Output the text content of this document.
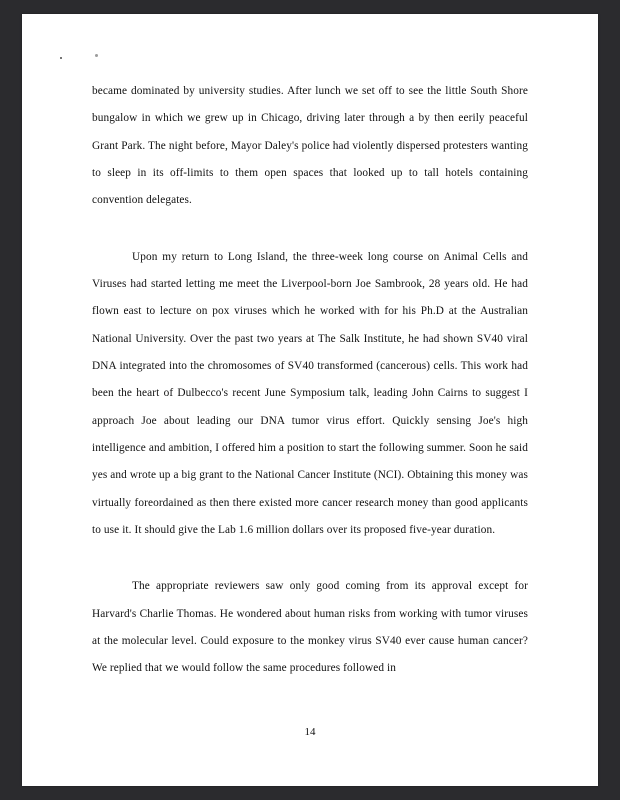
became dominated by university studies. After lunch we set off to see the little South Shore bungalow in which we grew up in Chicago, driving later through a by then eerily peaceful Grant Park. The night before, Mayor Daley's police had violently dispersed protesters wanting to sleep in its off-limits to them open spaces that looked up to tall hotels containing convention delegates.

Upon my return to Long Island, the three-week long course on Animal Cells and Viruses had started letting me meet the Liverpool-born Joe Sambrook, 28 years old. He had flown east to lecture on pox viruses which he worked with for his Ph.D at the Australian National University. Over the past two years at The Salk Institute, he had shown SV40 viral DNA integrated into the chromosomes of SV40 transformed (cancerous) cells. This work had been the heart of Dulbecco's recent June Symposium talk, leading John Cairns to suggest I approach Joe about leading our DNA tumor virus effort. Quickly sensing Joe's high intelligence and ambition, I offered him a position to start the following summer. Soon he said yes and wrote up a big grant to the National Cancer Institute (NCI). Obtaining this money was virtually foreordained as then there existed more cancer research money than good applicants to use it. It should give the Lab 1.6 million dollars over its proposed five-year duration.

The appropriate reviewers saw only good coming from its approval except for Harvard's Charlie Thomas. He wondered about human risks from working with tumor viruses at the molecular level. Could exposure to the monkey virus SV40 ever cause human cancer? We replied that we would follow the same procedures followed in

14
